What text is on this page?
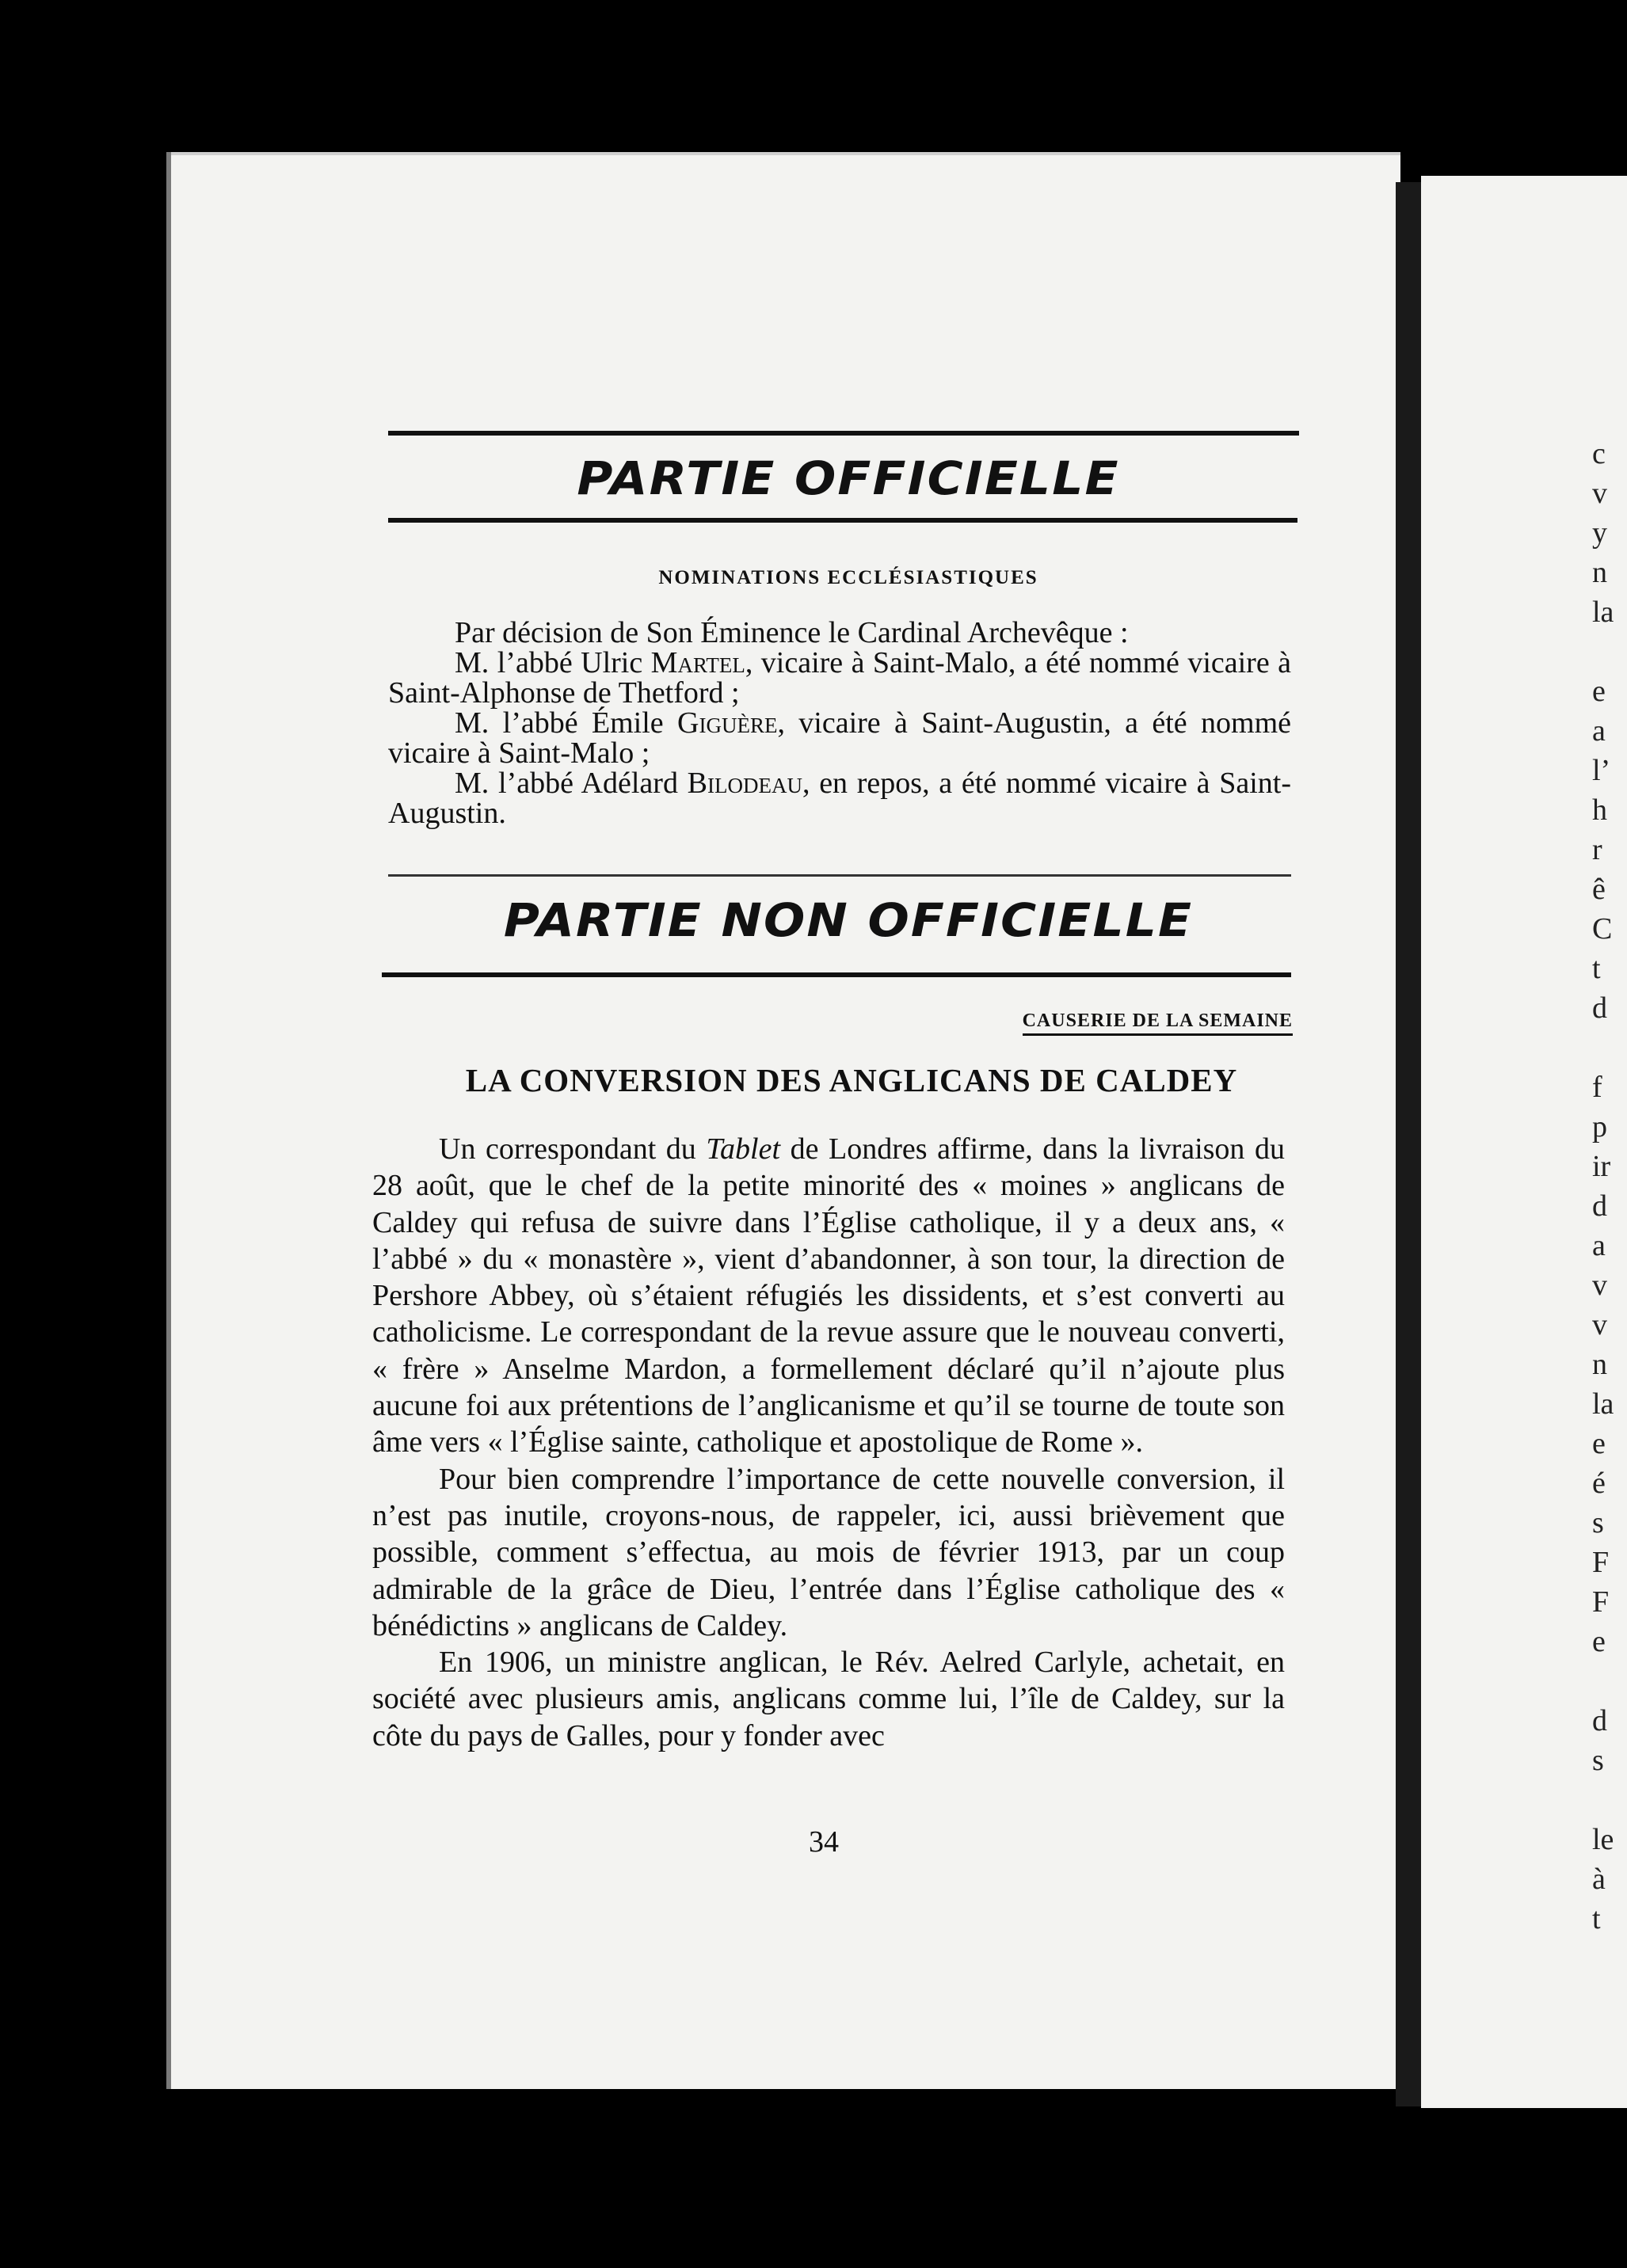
c
v
y
n
la
e
a
l’
h
r
ê
C
t
d
f
p
ir
d
a
v
v
n
la
e
é
s
F
F
e
d
s
le
à
t
PARTIE OFFICIELLE
NOMINATIONS ECCLÉSIASTIQUES

Par décision de Son Éminence le Cardinal Archevêque :

M. l’abbé Ulric Martel, vicaire à Saint-Malo, a été nommé vicaire à Saint-Alphonse de Thetford ;

M. l’abbé Émile Giguère, vicaire à Saint-Augustin, a été nommé vicaire à Saint-Malo ;

M. l’abbé Adélard Bilodeau, en repos, a été nommé vicaire à Saint-Augustin.

PARTIE NON OFFICIELLE
CAUSERIE DE LA SEMAINE
LA CONVERSION DES ANGLICANS DE CALDEY

Un correspondant du Tablet de Londres affirme, dans la livraison du 28 août, que le chef de la petite minorité des « moines » anglicans de Caldey qui refusa de suivre dans l’Église catholique, il y a deux ans, « l’abbé » du « monastère », vient d’abandonner, à son tour, la direction de Pershore Abbey, où s’étaient réfugiés les dissidents, et s’est converti au catholicisme. Le correspondant de la revue assure que le nouveau converti, « frère » Anselme Mardon, a formellement déclaré qu’il n’ajoute plus aucune foi aux prétentions de l’anglicanisme et qu’il se tourne de toute son âme vers « l’Église sainte, catholique et apostolique de Rome ».

Pour bien comprendre l’importance de cette nouvelle conversion, il n’est pas inutile, croyons-nous, de rappeler, ici, aussi brièvement que possible, comment s’effectua, au mois de février 1913, par un coup admirable de la grâce de Dieu, l’entrée dans l’Église catholique des « bénédictins » anglicans de Caldey.

En 1906, un ministre anglican, le Rév. Aelred Carlyle, achetait, en société avec plusieurs amis, anglicans comme lui, l’île de Caldey, sur la côte du pays de Galles, pour y fonder avec

34
